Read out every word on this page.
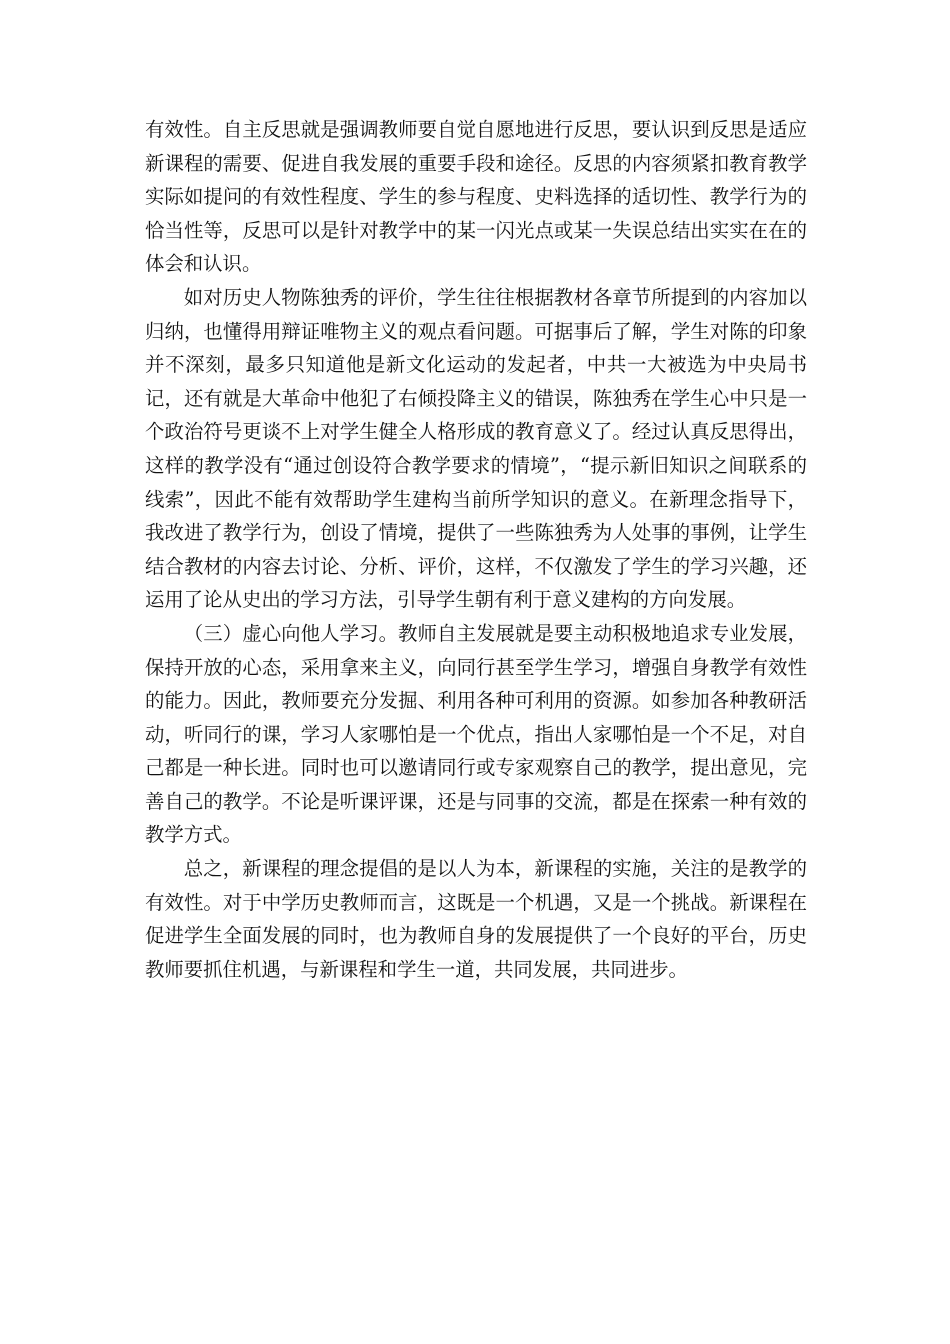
有效性。自主反思就是强调教师要自觉自愿地进行反思，要认识到反思是适应新课程的需要、促进自我发展的重要手段和途径。反思的内容须紧扣教育教学实际如提问的有效性程度、学生的参与程度、史料选择的适切性、教学行为的恰当性等，反思可以是针对教学中的某一闪光点或某一失误总结出实实在在的体会和认识。

如对历史人物陈独秀的评价，学生往往根据教材各章节所提到的内容加以归纳，也懂得用辩证唯物主义的观点看问题。可据事后了解，学生对陈的印象并不深刻，最多只知道他是新文化运动的发起者，中共一大被选为中央局书记，还有就是大革命中他犯了右倾投降主义的错误，陈独秀在学生心中只是一个政治符号更谈不上对学生健全人格形成的教育意义了。经过认真反思得出，这样的教学没有“通过创设符合教学要求的情境”，“提示新旧知识之间联系的线索”，因此不能有效帮助学生建构当前所学知识的意义。在新理念指导下，我改进了教学行为，创设了情境，提供了一些陈独秀为人处事的事例，让学生结合教材的内容去讨论、分析、评价，这样，不仅激发了学生的学习兴趣，还运用了论从史出的学习方法，引导学生朝有利于意义建构的方向发展。

（三）虚心向他人学习。教师自主发展就是要主动积极地追求专业发展，保持开放的心态，采用拿来主义，向同行甚至学生学习，增强自身教学有效性的能力。因此，教师要充分发掘、利用各种可利用的资源。如参加各种教研活动，听同行的课，学习人家哪怕是一个优点，指出人家哪怕是一个不足，对自己都是一种长进。同时也可以邀请同行或专家观察自己的教学，提出意见，完善自己的教学。不论是听课评课，还是与同事的交流，都是在探索一种有效的教学方式。

总之，新课程的理念提倡的是以人为本，新课程的实施，关注的是教学的有效性。对于中学历史教师而言，这既是一个机遇，又是一个挑战。新课程在促进学生全面发展的同时，也为教师自身的发展提供了一个良好的平台，历史教师要抓住机遇，与新课程和学生一道，共同发展，共同进步。
